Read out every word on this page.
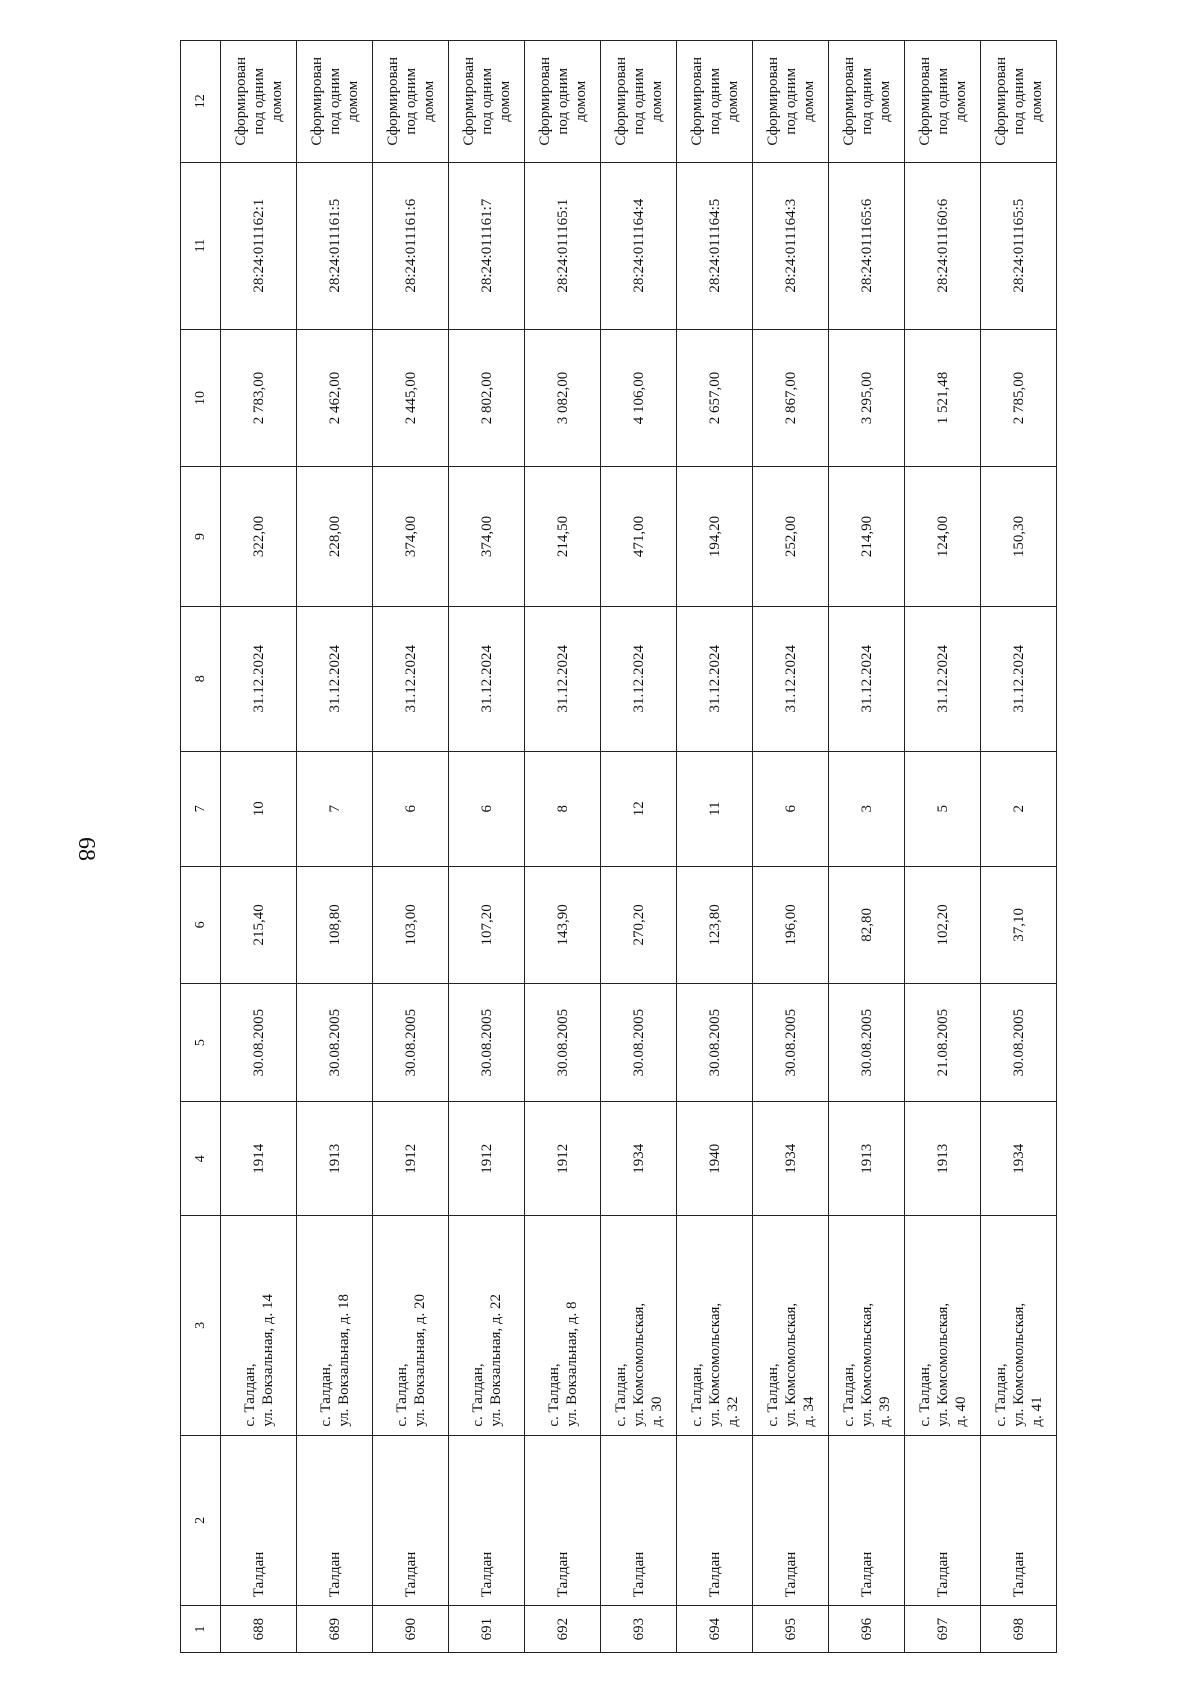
68
1	2	3	4	5	6	7	8	9	10	11	12
688	Талдан	с. Талдан, ул. Вокзальная, д. 14	1914	30.08.2005	215,40	10	31.12.2024	322,00	2 783,00	28:24:011162:1	Сформирован под одним домом
689	Талдан	с. Талдан, ул. Вокзальная, д. 18	1913	30.08.2005	108,80	7	31.12.2024	228,00	2 462,00	28:24:011161:5	Сформирован под одним домом
690	Талдан	с. Талдан, ул. Вокзальная, д. 20	1912	30.08.2005	103,00	6	31.12.2024	374,00	2 445,00	28:24:011161:6	Сформирован под одним домом
691	Талдан	с. Талдан, ул. Вокзальная, д. 22	1912	30.08.2005	107,20	6	31.12.2024	374,00	2 802,00	28:24:011161:7	Сформирован под одним домом
692	Талдан	с. Талдан, ул. Вокзальная, д. 8	1912	30.08.2005	143,90	8	31.12.2024	214,50	3 082,00	28:24:011165:1	Сформирован под одним домом
693	Талдан	с. Талдан, ул. Комсомольская, д. 30	1934	30.08.2005	270,20	12	31.12.2024	471,00	4 106,00	28:24:011164:4	Сформирован под одним домом
694	Талдан	с. Талдан, ул. Комсомольская, д. 32	1940	30.08.2005	123,80	11	31.12.2024	194,20	2 657,00	28:24:011164:5	Сформирован под одним домом
695	Талдан	с. Талдан, ул. Комсомольская, д. 34	1934	30.08.2005	196,00	6	31.12.2024	252,00	2 867,00	28:24:011164:3	Сформирован под одним домом
696	Талдан	с. Талдан, ул. Комсомольская, д. 39	1913	30.08.2005	82,80	3	31.12.2024	214,90	3 295,00	28:24:011165:6	Сформирован под одним домом
697	Талдан	с. Талдан, ул. Комсомольская, д. 40	1913	21.08.2005	102,20	5	31.12.2024	124,00	1 521,48	28:24:011160:6	Сформирован под одним домом
698	Талдан	с. Талдан, ул. Комсомольская, д. 41	1934	30.08.2005	37,10	2	31.12.2024	150,30	2 785,00	28:24:011165:5	Сформирован под одним домом
